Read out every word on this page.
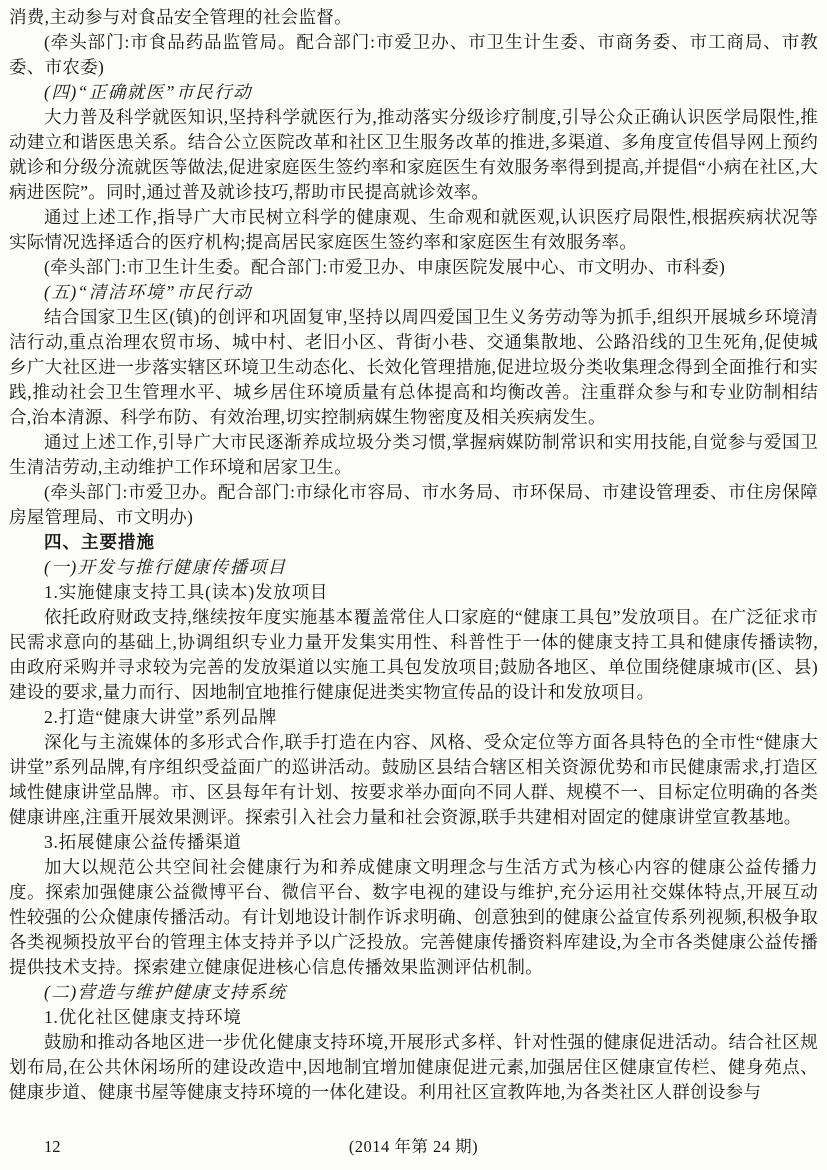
消费,主动参与对食品安全管理的社会监督。

(牵头部门:市食品药品监管局。配合部门:市爱卫办、市卫生计生委、市商务委、市工商局、市教委、市农委)

(四)“正确就医”市民行动

大力普及科学就医知识,坚持科学就医行为,推动落实分级诊疗制度,引导公众正确认识医学局限性,推动建立和谐医患关系。结合公立医院改革和社区卫生服务改革的推进,多渠道、多角度宣传倡导网上预约就诊和分级分流就医等做法,促进家庭医生签约率和家庭医生有效服务率得到提高,并提倡“小病在社区,大病进医院”。同时,通过普及就诊技巧,帮助市民提高就诊效率。

通过上述工作,指导广大市民树立科学的健康观、生命观和就医观,认识医疗局限性,根据疾病状况等实际情况选择适合的医疗机构;提高居民家庭医生签约率和家庭医生有效服务率。

(牵头部门:市卫生计生委。配合部门:市爱卫办、申康医院发展中心、市文明办、市科委)

(五)“清洁环境”市民行动

结合国家卫生区(镇)的创评和巩固复审,坚持以周四爱国卫生义务劳动等为抓手,组织开展城乡环境清洁行动,重点治理农贸市场、城中村、老旧小区、背街小巷、交通集散地、公路沿线的卫生死角,促使城乡广大社区进一步落实辖区环境卫生动态化、长效化管理措施,促进垃圾分类收集理念得到全面推行和实践,推动社会卫生管理水平、城乡居住环境质量有总体提高和均衡改善。注重群众参与和专业防制相结合,治本清源、科学布防、有效治理,切实控制病媒生物密度及相关疾病发生。

通过上述工作,引导广大市民逐渐养成垃圾分类习惯,掌握病媒防制常识和实用技能,自觉参与爱国卫生清洁劳动,主动维护工作环境和居家卫生。

(牵头部门:市爱卫办。配合部门:市绿化市容局、市水务局、市环保局、市建设管理委、市住房保障房屋管理局、市文明办)

四、主要措施

(一)开发与推行健康传播项目

1.实施健康支持工具(读本)发放项目

依托政府财政支持,继续按年度实施基本覆盖常住人口家庭的“健康工具包”发放项目。在广泛征求市民需求意向的基础上,协调组织专业力量开发集实用性、科普性于一体的健康支持工具和健康传播读物,由政府采购并寻求较为完善的发放渠道以实施工具包发放项目;鼓励各地区、单位围绕健康城市(区、县)建设的要求,量力而行、因地制宜地推行健康促进类实物宣传品的设计和发放项目。

2.打造“健康大讲堂”系列品牌

深化与主流媒体的多形式合作,联手打造在内容、风格、受众定位等方面各具特色的全市性“健康大讲堂”系列品牌,有序组织受益面广的巡讲活动。鼓励区县结合辖区相关资源优势和市民健康需求,打造区域性健康讲堂品牌。市、区县每年有计划、按要求举办面向不同人群、规模不一、目标定位明确的各类健康讲座,注重开展效果测评。探索引入社会力量和社会资源,联手共建相对固定的健康讲堂宣教基地。

3.拓展健康公益传播渠道

加大以规范公共空间社会健康行为和养成健康文明理念与生活方式为核心内容的健康公益传播力度。探索加强健康公益微博平台、微信平台、数字电视的建设与维护,充分运用社交媒体特点,开展互动性较强的公众健康传播活动。有计划地设计制作诉求明确、创意独到的健康公益宣传系列视频,积极争取各类视频投放平台的管理主体支持并予以广泛投放。完善健康传播资料库建设,为全市各类健康公益传播提供技术支持。探索建立健康促进核心信息传播效果监测评估机制。

(二)营造与维护健康支持系统

1.优化社区健康支持环境

鼓励和推动各地区进一步优化健康支持环境,开展形式多样、针对性强的健康促进活动。结合社区规划布局,在公共休闲场所的建设改造中,因地制宜增加健康促进元素,加强居住区健康宣传栏、健身苑点、健康步道、健康书屋等健康支持环境的一体化建设。利用社区宣教阵地,为各类社区人群创设参与

12	(2014 年第 24 期)
